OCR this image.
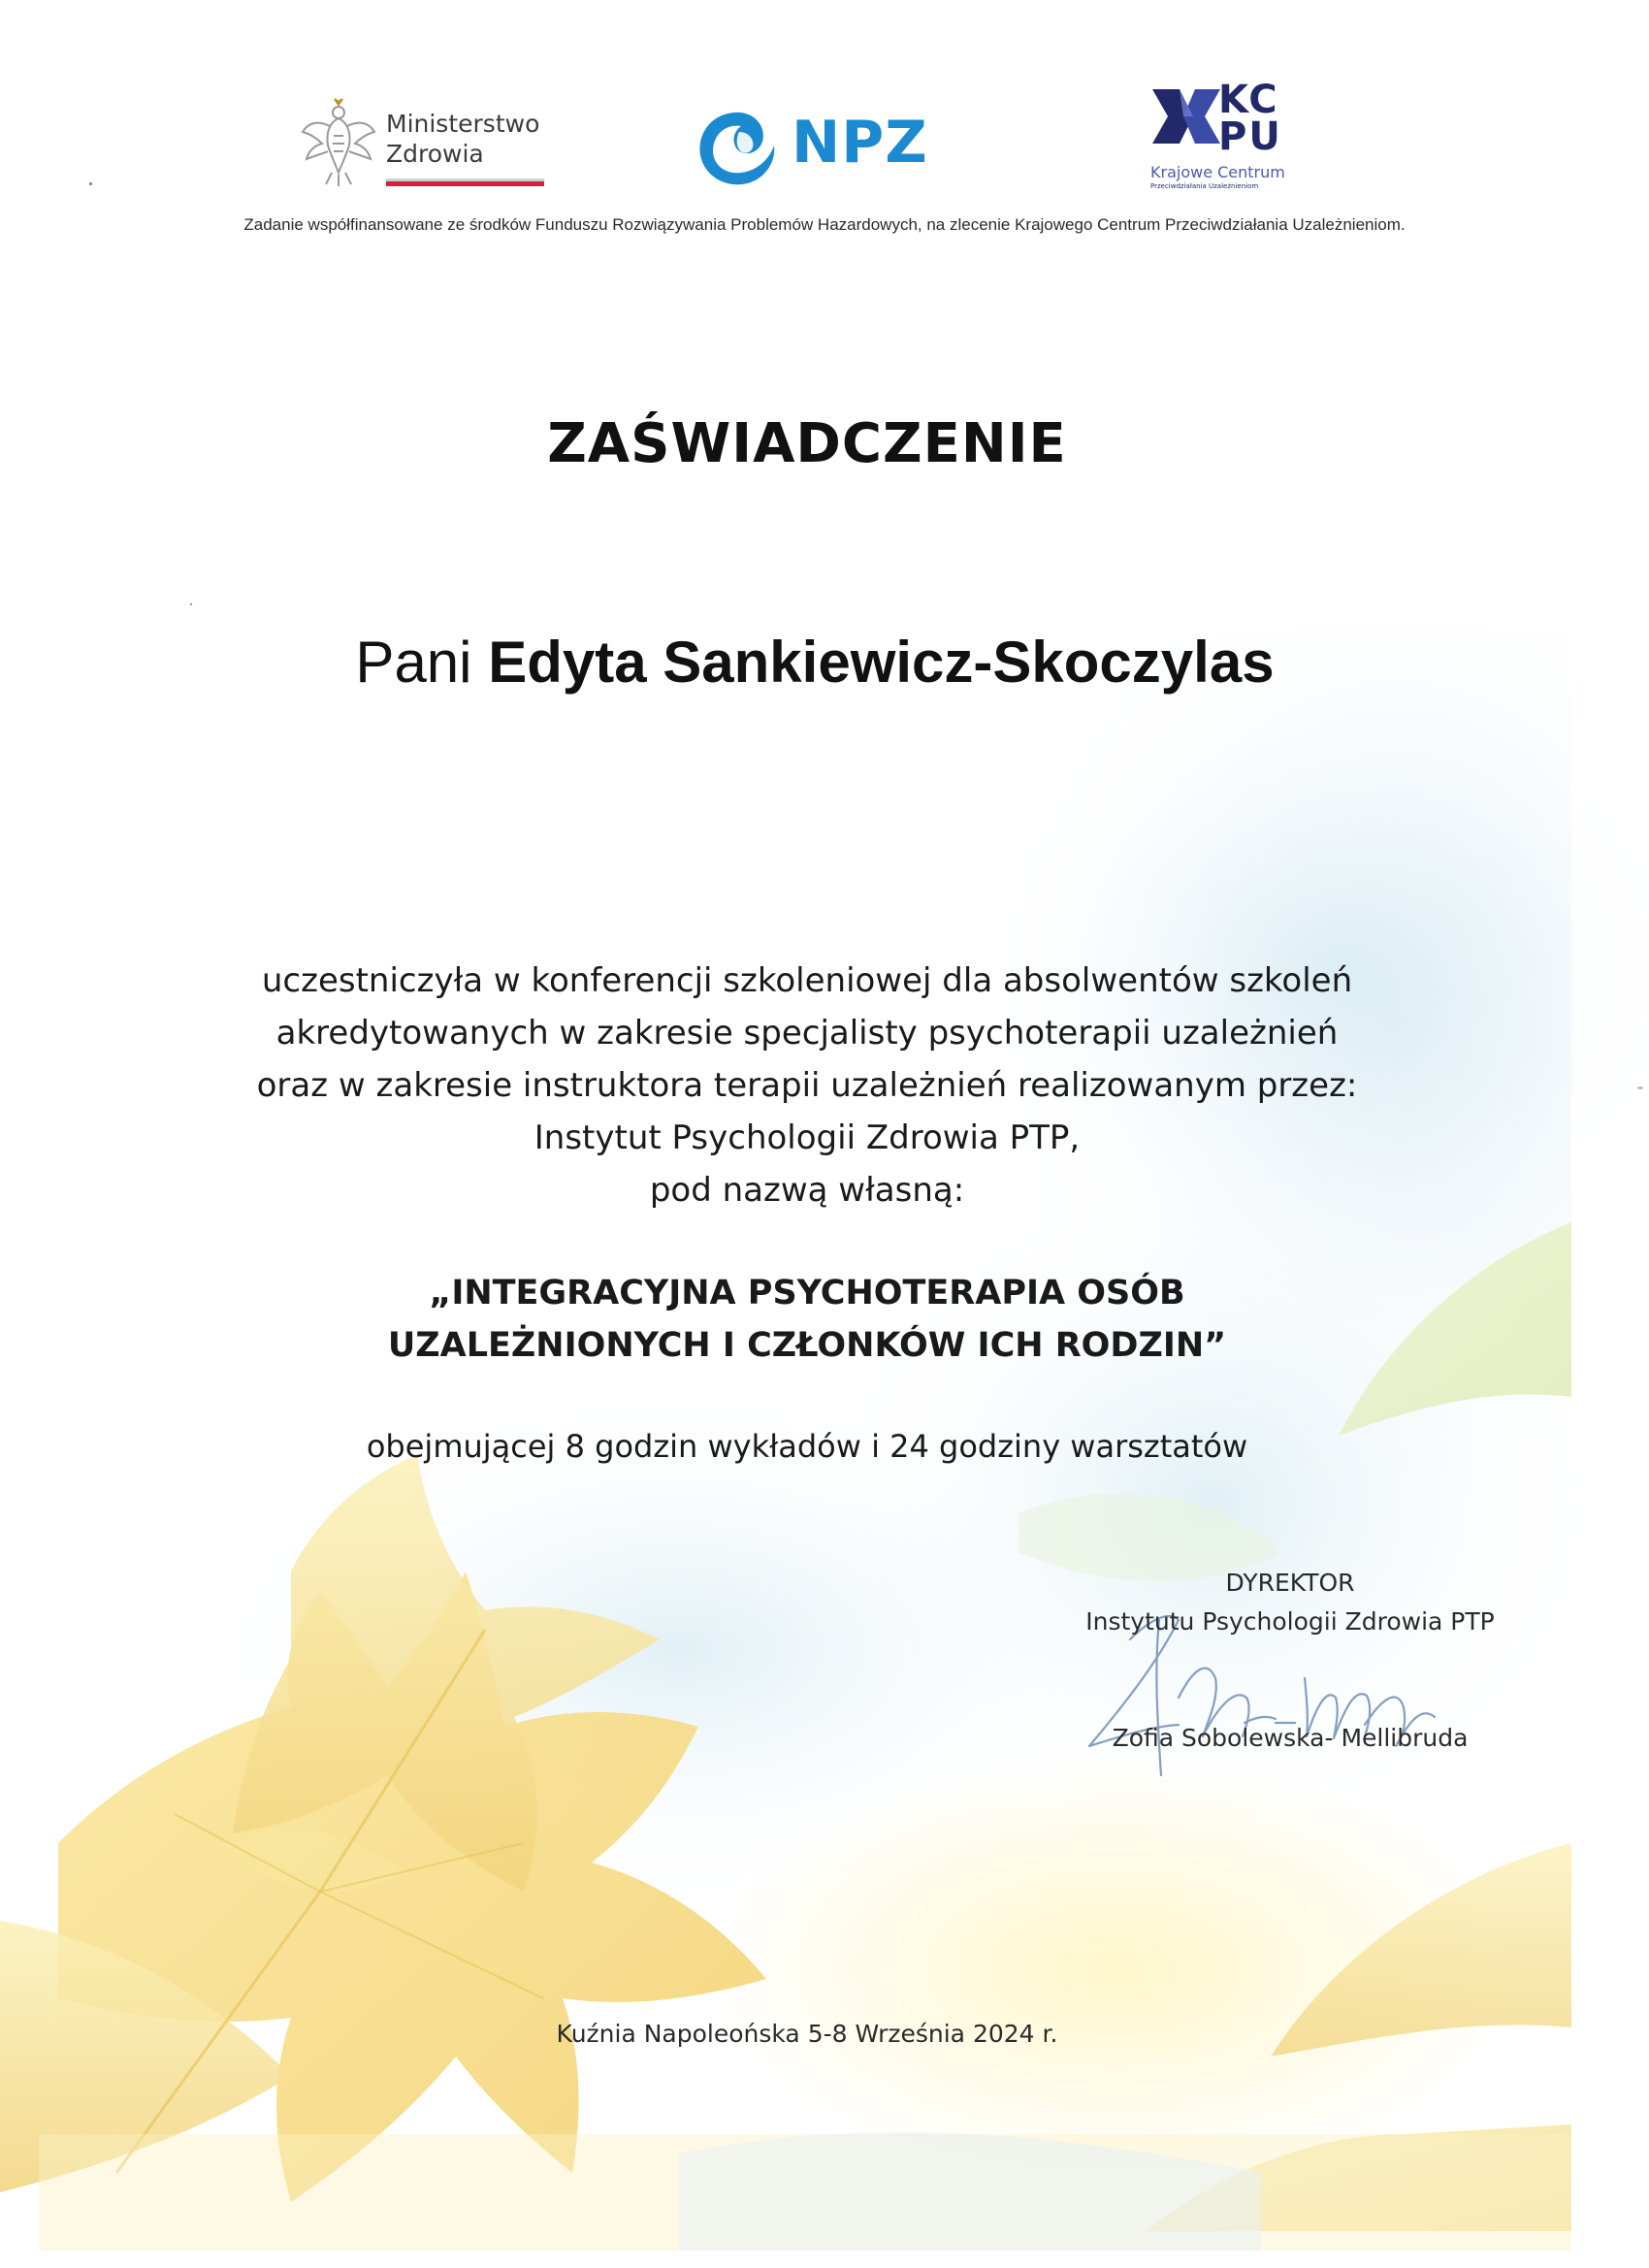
Ministerstwo
Zdrowia	NPZ
KC
PU
Krajowe Centrum
Przeciwdziałania Uzależnieniom
Zadanie współfinansowane ze środków Funduszu Rozwiązywania Problemów Hazardowych, na zlecenie Krajowego Centrum Przeciwdziałania Uzależnieniom.
ZAŚWIADCZENIE
Pani Edyta Sankiewicz-Skoczylas
uczestniczyła w konferencji szkoleniowej dla absolwentów szkoleń
akredytowanych w zakresie specjalisty psychoterapii uzależnień
oraz w zakresie instruktora terapii uzależnień realizowanym przez:
Instytut Psychologii Zdrowia PTP,
pod nazwą własną:
„INTEGRACYJNA PSYCHOTERAPIA OSÓB
UZALEŻNIONYCH I CZŁONKÓW ICH RODZIN”
obejmującej 8 godzin wykładów i 24 godziny warsztatów
DYREKTOR
Instytutu Psychologii Zdrowia PTP
Zofia Sobolewska- Mellibruda
Kuźnia Napoleońska 5-8 Września 2024 r.
